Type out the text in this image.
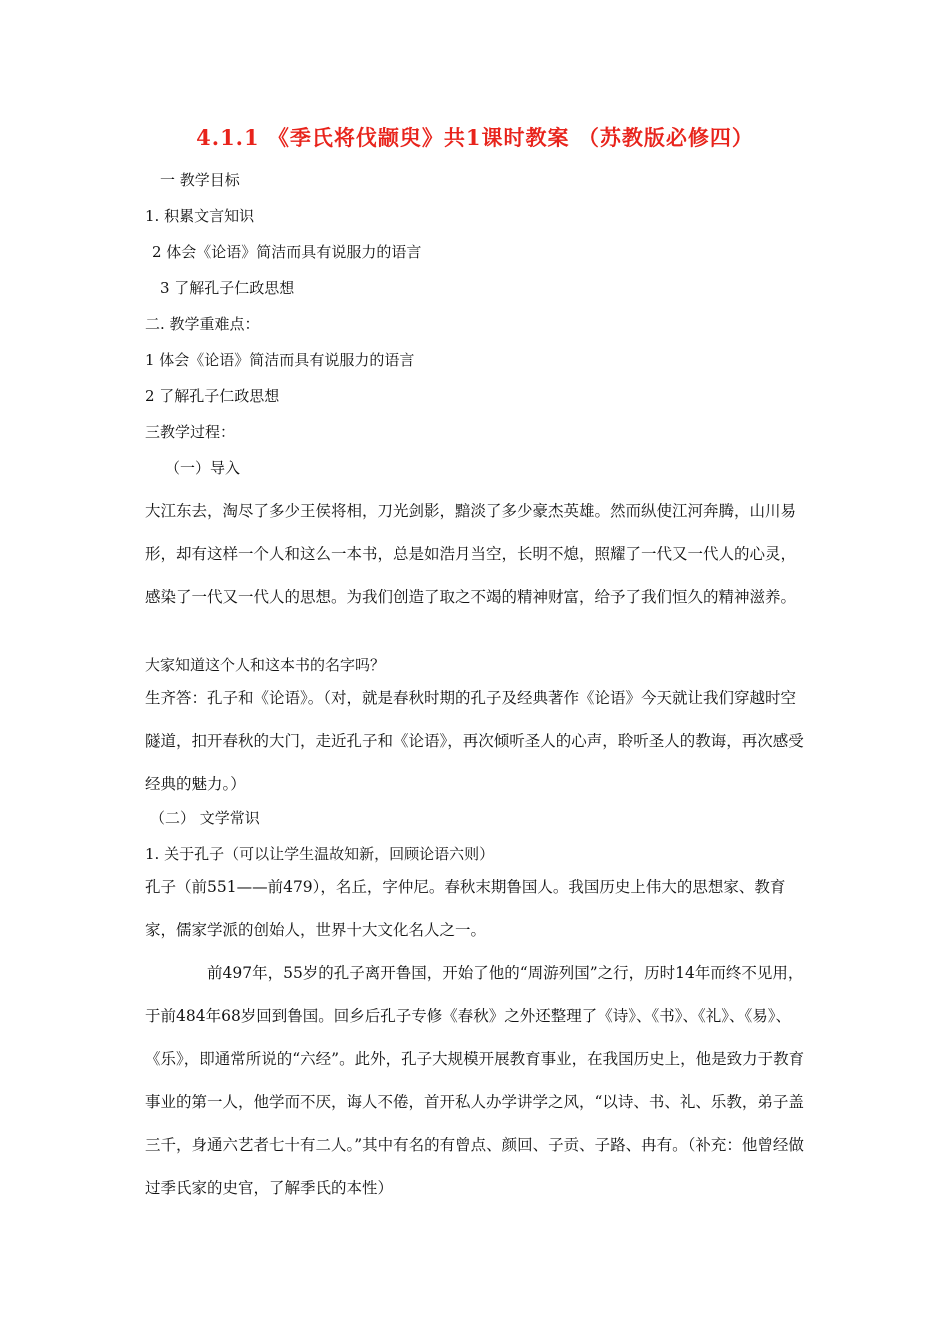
4.1.1 《季氏将伐颛臾》共1课时教案 （苏教版必修四）
一 教学目标
1. 积累文言知识
2 体会《论语》简洁而具有说服力的语言
3 了解孔子仁政思想
二. 教学重难点：
1 体会《论语》简洁而具有说服力的语言
2 了解孔子仁政思想
三教学过程：
（一）导入
大江东去，淘尽了多少王侯将相，刀光剑影，黯淡了多少豪杰英雄。然而纵使江河奔腾，山川易形，却有这样一个人和这么一本书，总是如浩月当空，长明不熄，照耀了一代又一代人的心灵，感染了一代又一代人的思想。为我们创造了取之不竭的精神财富，给予了我们恒久的精神滋养。
大家知道这个人和这本书的名字吗？
生齐答：孔子和《论语》。（对，就是春秋时期的孔子及经典著作《论语》今天就让我们穿越时空隧道，扣开春秋的大门，走近孔子和《论语》，再次倾听圣人的心声，聆听圣人的教诲，再次感受经典的魅力。）
（二） 文学常识
1. 关于孔子（可以让学生温故知新，回顾论语六则）
孔子（前551——前479），名丘，字仲尼。春秋末期鲁国人。我国历史上伟大的思想家、教育家，儒家学派的创始人，世界十大文化名人之一。
前497年，55岁的孔子离开鲁国，开始了他的“周游列国”之行，历时14年而终不见用，于前484年68岁回到鲁国。回乡后孔子专修《春秋》之外还整理了《诗》、《书》、《礼》、《易》、《乐》，即通常所说的“六经”。此外，孔子大规模开展教育事业，在我国历史上，他是致力于教育事业的第一人，他学而不厌，诲人不倦，首开私人办学讲学之风，“以诗、书、礼、乐教，弟子盖三千，身通六艺者七十有二人。”其中有名的有曾点、颜回、子贡、子路、冉有。（补充：他曾经做过季氏家的史官，了解季氏的本性）
